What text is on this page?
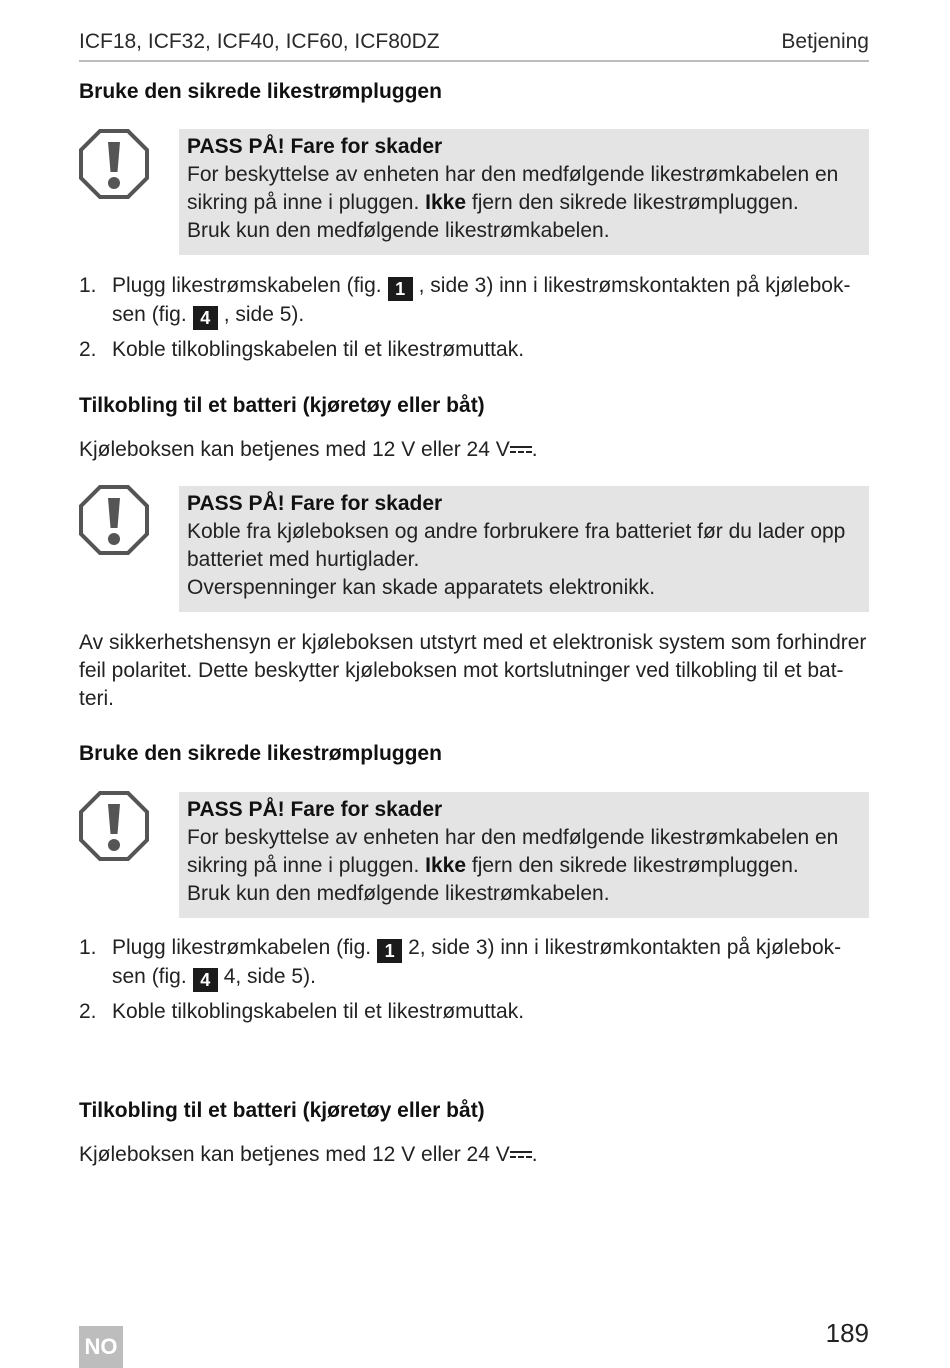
ICF18, ICF32, ICF40, ICF60, ICF80DZ	Betjening
Bruke den sikrede likestrømpluggen
PASS PÅ! Fare for skader
For beskyttelse av enheten har den medfølgende likestrømkabelen en
sikring på inne i pluggen. Ikke fjern den sikrede likestrømpluggen.
Bruk kun den medfølgende likestrømkabelen.
1. Plugg likestrømskabelen (fig. 1 , side 3) inn i likestrømskontakten på kjølebok-
sen (fig. 4 , side 5).
2. Koble tilkoblingskabelen til et likestrømuttak.
Tilkobling til et batteri (kjøretøy eller båt)
Kjøleboksen kan betjenes med 12 V eller 24 V .
PASS PÅ! Fare for skader
Koble fra kjøleboksen og andre forbrukere fra batteriet før du lader opp
batteriet med hurtiglader.
Overspenninger kan skade apparatets elektronikk.
Av sikkerhetshensyn er kjøleboksen utstyrt med et elektronisk system som forhindrer
feil polaritet. Dette beskytter kjøleboksen mot kortslutninger ved tilkobling til et bat-
teri.
Bruke den sikrede likestrømpluggen
PASS PÅ! Fare for skader
For beskyttelse av enheten har den medfølgende likestrømkabelen en
sikring på inne i pluggen. Ikke fjern den sikrede likestrømpluggen.
Bruk kun den medfølgende likestrømkabelen.
1. Plugg likestrømkabelen (fig. 1 2, side 3) inn i likestrømkontakten på kjølebok-
sen (fig. 4 4, side 5).
2. Koble tilkoblingskabelen til et likestrømuttak.
Tilkobling til et batteri (kjøretøy eller båt)
Kjøleboksen kan betjenes med 12 V eller 24 V .
NO	189
